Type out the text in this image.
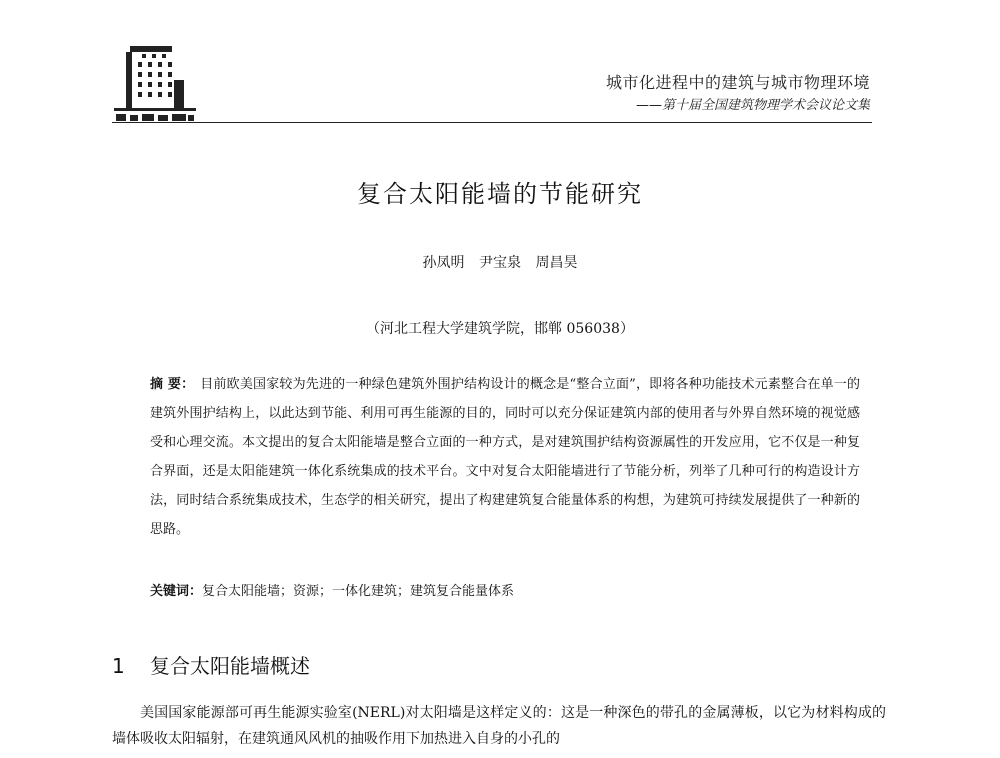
城市化进程中的建筑与城市物理环境
——第十届全国建筑物理学术会议论文集
复合太阳能墙的节能研究
孙凤明 尹宝泉 周昌昊
（河北工程大学建筑学院，邯郸 056038）
摘 要： 目前欧美国家较为先进的一种绿色建筑外围护结构设计的概念是“整合立面”，即将各种功能技术元素整合在单一的建筑外围护结构上，以此达到节能、利用可再生能源的目的，同时可以充分保证建筑内部的使用者与外界自然环境的视觉感受和心理交流。本文提出的复合太阳能墙是整合立面的一种方式，是对建筑围护结构资源属性的开发应用，它不仅是一种复合界面，还是太阳能建筑一体化系统集成的技术平台。文中对复合太阳能墙进行了节能分析，列举了几种可行的构造设计方法，同时结合系统集成技术，生态学的相关研究，提出了构建建筑复合能量体系的构想，为建筑可持续发展提供了一种新的思路。
关键词：复合太阳能墙；资源；一体化建筑；建筑复合能量体系
1 复合太阳能墙概述
美国国家能源部可再生能源实验室(NERL)对太阳墙是这样定义的：这是一种深色的带孔的金属薄板，以它为材料构成的墙体吸收太阳辐射，在建筑通风风机的抽吸作用下加热进入自身的小孔的
